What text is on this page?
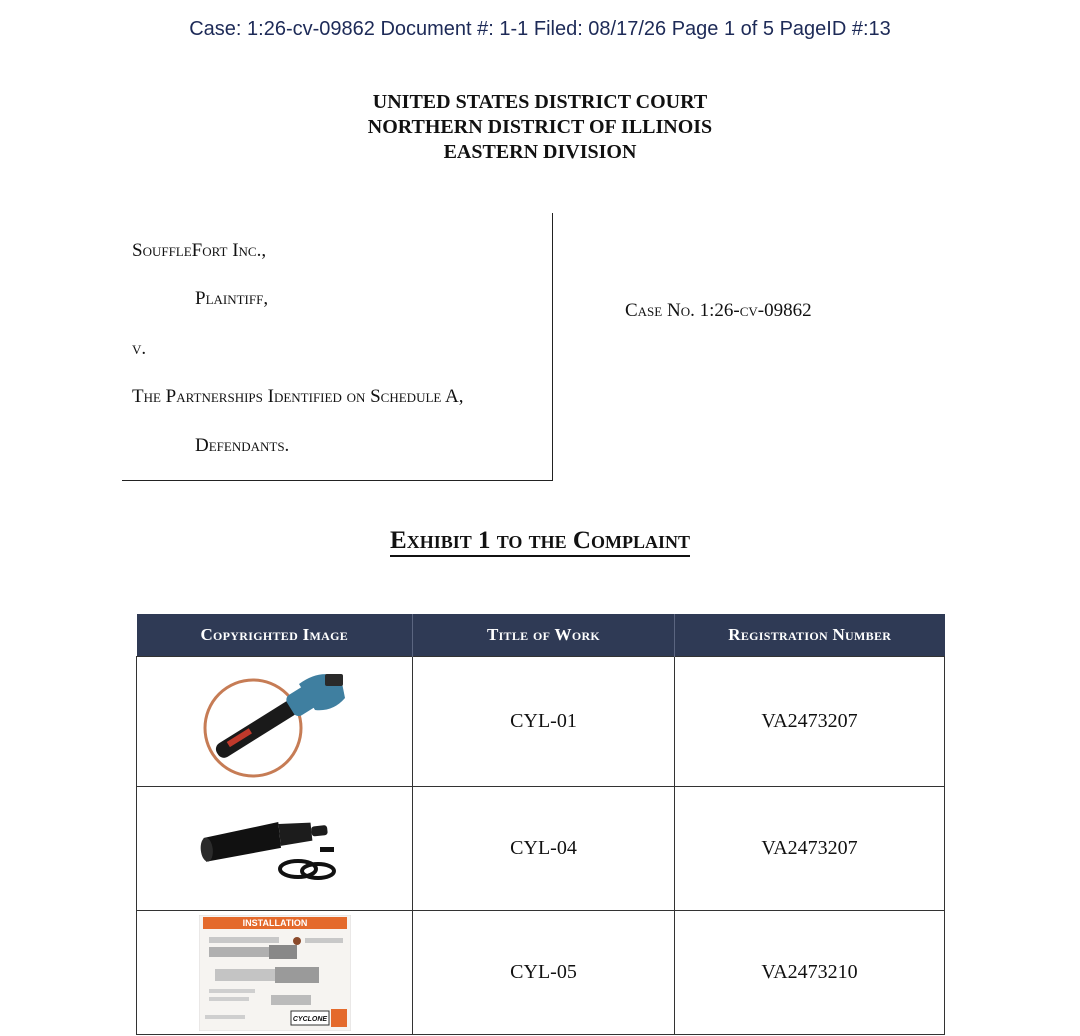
Case: 1:26-cv-09862 Document #: 1-1 Filed: 08/17/26 Page 1 of 5 PageID #:13
UNITED STATES DISTRICT COURT
NORTHERN DISTRICT OF ILLINOIS
EASTERN DIVISION
SouffleFort Inc.,
Plaintiff,
v.
The Partnerships Identified on Schedule A,
Defendants.
Case No. 1:26-cv-09862
Exhibit 1 to the Complaint
Copyrighted Image	Title of Work	Registration Number

	CYL-01	VA2473207

	CYL-04	VA2473207

INSTALLATION
CYCLONE	CYL-05	VA2473210
